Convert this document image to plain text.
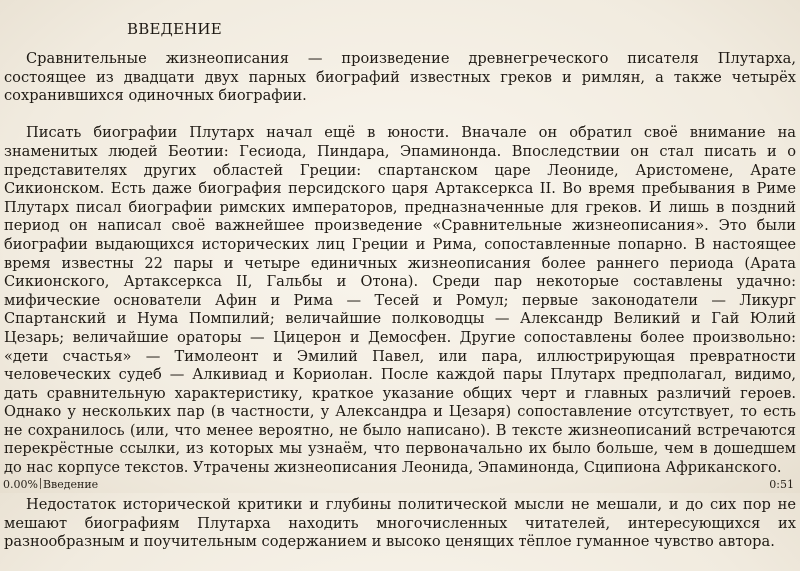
ВВЕДЕНИЕ

Сравнительные жизнеописания — произведение древнегреческого писателя Плутарха, состоящее из двадцати двух парных биографий известных греков и римлян, а также четырёх сохранившихся одиночных биографии.

Писать биографии Плутарх начал ещё в юности. Вначале он обратил своё внимание на знаменитых людей Беотии: Гесиода, Пиндара, Эпаминонда. Впоследствии он стал писать и о представителях других областей Греции: спартанском царе Леониде, Аристомене, Арате Сикионском. Есть даже биография персидского царя Артаксеркса II. Во время пребывания в Риме Плутарх писал биографии римских императоров, предназначенные для греков. И лишь в поздний период он написал своё важнейшее произведение «Сравнительные жизнеописания». Это были биографии выдающихся исторических лиц Греции и Рима, сопоставленные попарно. В настоящее время известны 22 пары и четыре единичных жизнеописания более раннего периода (Арата Сикионского, Артаксеркса II, Гальбы и Отона). Среди пар некоторые составлены удачно: мифические основатели Афин и Рима — Тесей и Ромул; первые законодатели — Ликург Спартанский и Нума Помпилий; величайшие полководцы — Александр Великий и Гай Юлий Цезарь; величайшие ораторы — Цицерон и Демосфен. Другие сопоставлены более произвольно: «дети счастья» — Тимолеонт и Эмилий Павел, или пара, иллюстрирующая превратности человеческих судеб — Алкивиад и Кориолан. После каждой пары Плутарх предполагал, видимо, дать сравнительную характеристику, краткое указание общих черт и главных различий героев. Однако у нескольких пар (в частности, у Александра и Цезаря) сопоставление отсутствует, то есть не сохранилось (или, что менее вероятно, не было написано). В тексте жизнеописаний встречаются перекрёстные ссылки, из которых мы узнаём, что первоначально их было больше, чем в дошедшем до нас корпусе текстов. Утрачены жизнеописания Леонида, Эпаминонда, Сципиона Африканского.

Недостаток исторической критики и глубины политической мысли не мешали, и до сих пор не мешают биографиям Плутарха находить многочисленных читателей, интересующихся их разнообразным и поучительным содержанием и высоко ценящих тёплое гуманное чувство автора.

0.00% Введение	0:51
